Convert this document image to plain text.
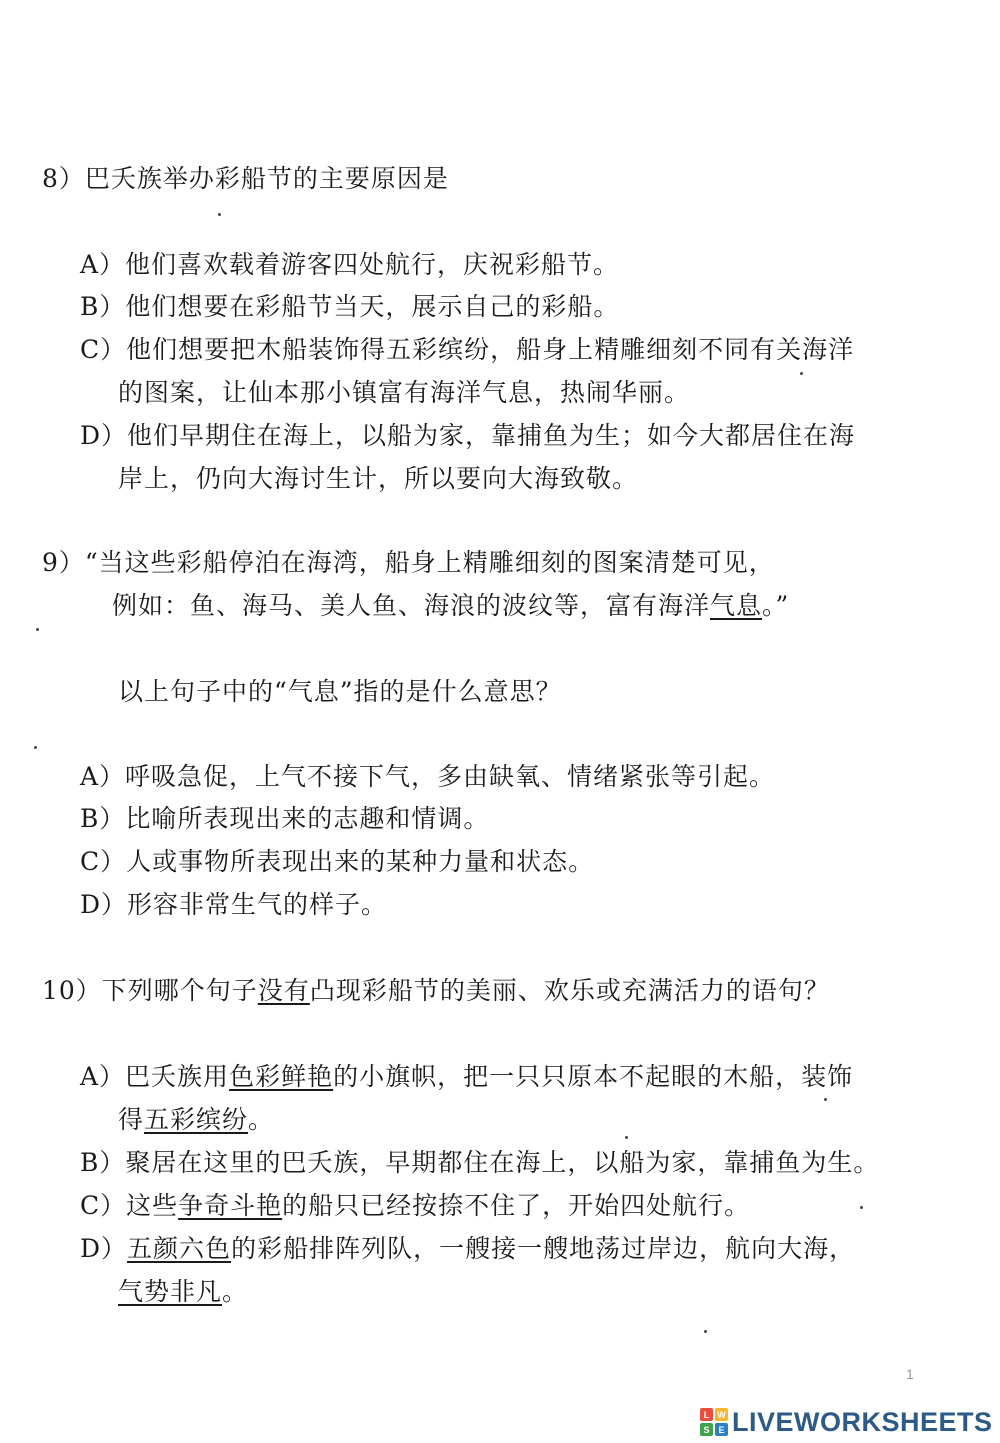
8）巴夭族举办彩船节的主要原因是
A）他们喜欢载着游客四处航行，庆祝彩船节。
B）他们想要在彩船节当天，展示自己的彩船。
C）他们想要把木船装饰得五彩缤纷，船身上精雕细刻不同有关海洋
的图案，让仙本那小镇富有海洋气息，热闹华丽。
D）他们早期住在海上，以船为家，靠捕鱼为生；如今大都居住在海
岸上，仍向大海讨生计，所以要向大海致敬。
9）“当这些彩船停泊在海湾，船身上精雕细刻的图案清楚可见，
例如：鱼、海马、美人鱼、海浪的波纹等，富有海洋气息。”
以上句子中的“气息”指的是什么意思？
A）呼吸急促，上气不接下气，多由缺氧、情绪紧张等引起。
B）比喻所表现出来的志趣和情调。
C）人或事物所表现出来的某种力量和状态。
D）形容非常生气的样子。
10）下列哪个句子没有凸现彩船节的美丽、欢乐或充满活力的语句？
A）巴夭族用色彩鲜艳的小旗帜，把一只只原本不起眼的木船，装饰
得五彩缤纷。
B）聚居在这里的巴夭族，早期都住在海上，以船为家，靠捕鱼为生。
C）这些争奇斗艳的船只已经按捺不住了，开始四处航行。
D）五颜六色的彩船排阵列队，一艘接一艘地荡过岸边，航向大海，
气势非凡。
1
L W
S E LIVEWORKSHEETS
